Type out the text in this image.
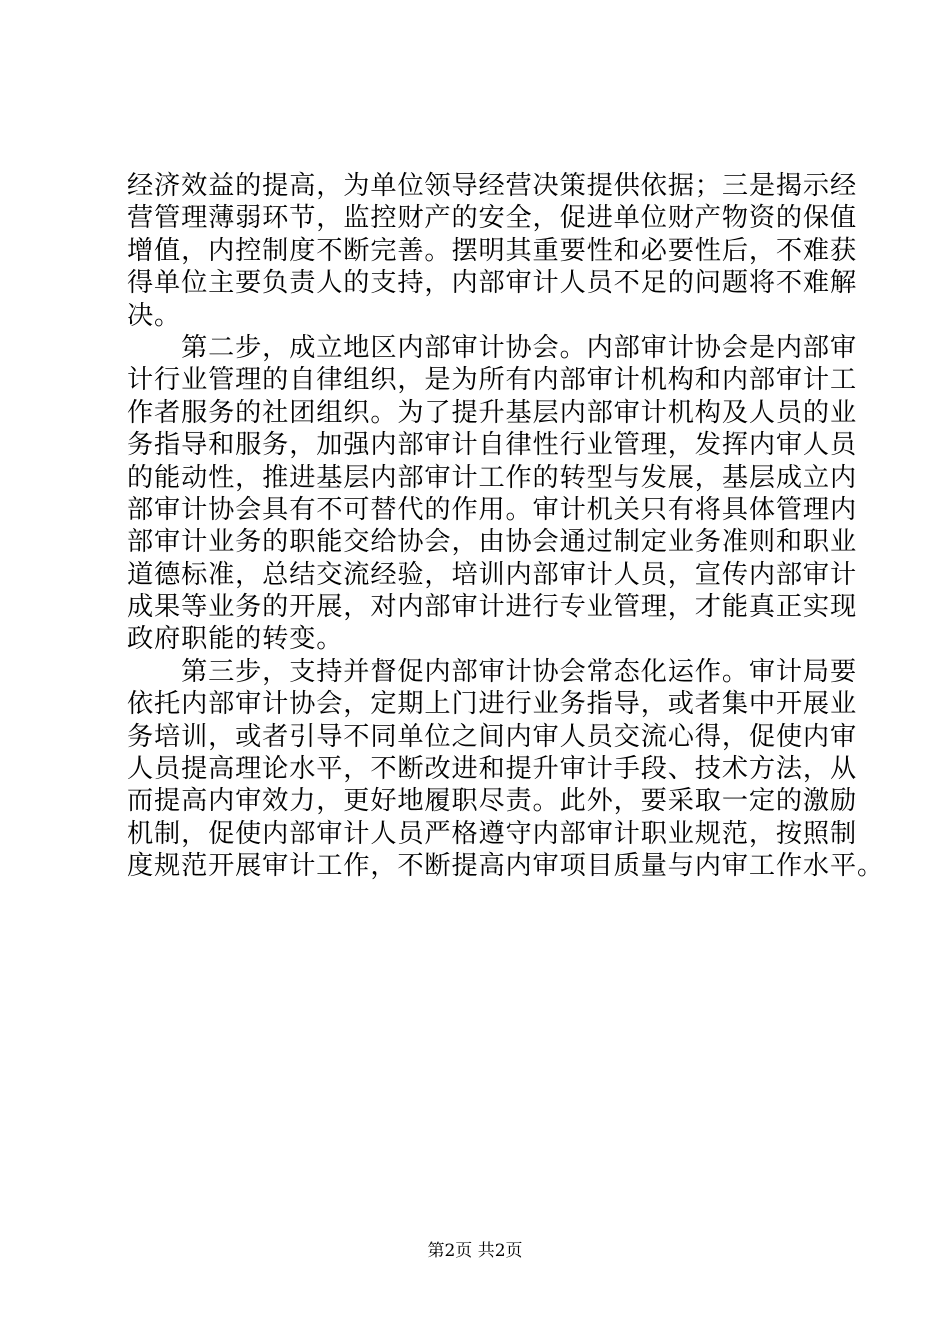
经济效益的提高，为单位领导经营决策提供依据；三是揭示经
营管理薄弱环节，监控财产的安全，促进单位财产物资的保值
增值，内控制度不断完善。摆明其重要性和必要性后，不难获
得单位主要负责人的支持，内部审计人员不足的问题将不难解
决。
　　第二步，成立地区内部审计协会。内部审计协会是内部审
计行业管理的自律组织，是为所有内部审计机构和内部审计工
作者服务的社团组织。为了提升基层内部审计机构及人员的业
务指导和服务，加强内部审计自律性行业管理，发挥内审人员
的能动性，推进基层内部审计工作的转型与发展，基层成立内
部审计协会具有不可替代的作用。审计机关只有将具体管理内
部审计业务的职能交给协会，由协会通过制定业务准则和职业
道德标准，总结交流经验，培训内部审计人员，宣传内部审计
成果等业务的开展，对内部审计进行专业管理，才能真正实现
政府职能的转变。
　　第三步，支持并督促内部审计协会常态化运作。审计局要
依托内部审计协会，定期上门进行业务指导，或者集中开展业
务培训，或者引导不同单位之间内审人员交流心得，促使内审
人员提高理论水平，不断改进和提升审计手段、技术方法，从
而提高内审效力，更好地履职尽责。此外，要采取一定的激励
机制，促使内部审计人员严格遵守内部审计职业规范，按照制
度规范开展审计工作，不断提高内审项目质量与内审工作水平。
第2页 共2页
